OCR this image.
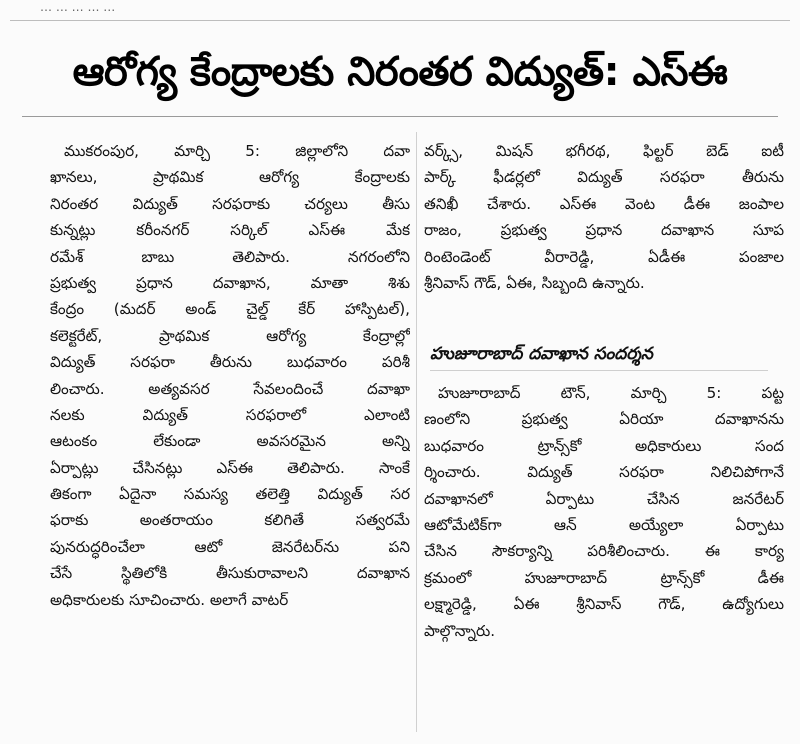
… … … … …
ఆరోగ్య కేంద్రాలకు నిరంతర విద్యుత్: ఎస్ఈ
ముకరంపుర, మార్చి 5: జిల్లాలోని దవా
ఖానలు, ప్రాథమిక ఆరోగ్య కేంద్రాలకు
నిరంతర విద్యుత్ సరఫరాకు చర్యలు తీసు
కున్నట్లు కరీంనగర్ సర్కిల్ ఎస్ఈ మేక
రమేశ్ బాబు తెలిపారు. నగరంలోని
ప్రభుత్వ ప్రధాన దవాఖాన, మాతా శిశు
కేంద్రం (మదర్ అండ్ చైల్డ్ కేర్ హాస్పిటల్),
కలెక్టరేట్, ప్రాథమిక ఆరోగ్య కేంద్రాల్లో
విద్యుత్ సరఫరా తీరును బుధవారం పరిశీ
లించారు. అత్యవసర సేవలందించే దవాఖా
నలకు విద్యుత్ సరఫరాలో ఎలాంటి
ఆటంకం లేకుండా అవసరమైన అన్ని
ఏర్పాట్లు చేసినట్లు ఎస్ఈ తెలిపారు. సాంకే
తికంగా ఏదైనా సమస్య తలెత్తి విద్యుత్ సర
ఫరాకు అంతరాయం కలిగితే సత్వరమే
పునరుద్ధరించేలా ఆటో జెనరేటర్‌ను పని
చేసే స్థితిలోకి తీసుకురావాలని దవాఖాన
అధికారులకు సూచించారు. అలాగే వాటర్
వర్క్స్, మిషన్ భగీరథ, ఫిల్టర్ బెడ్ ఐటీ
పార్క్ ఫీడర్లలో విద్యుత్ సరఫరా తీరును
తనిఖీ చేశారు. ఎస్ఈ వెంట డీఈ జంపాల
రాజం, ప్రభుత్వ ప్రధాన దవాఖాన సూప
రింటెండెంట్ వీరారెడ్డి, ఏడీఈ పంజాల
శ్రీనివాస్ గౌడ్, ఏఈ, సిబ్బంది ఉన్నారు.
హుజూరాబాద్ దవాఖాన సందర్శన
హుజూరాబాద్ టౌన్, మార్చి 5: పట్ట
ణంలోని ప్రభుత్వ ఏరియా దవాఖానను
బుధవారం ట్రాన్స్‌కో అధికారులు సంద
ర్శించారు. విద్యుత్ సరఫరా నిలిచిపోగానే
దవాఖానలో ఏర్పాటు చేసిన జనరేటర్
ఆటోమేటిక్‌గా ఆన్ అయ్యేలా ఏర్పాటు
చేసిన సౌకర్యాన్ని పరిశీలించారు. ఈ కార్య
క్రమంలో హుజూరాబాద్ ట్రాన్స్‌కో డీఈ
లక్ష్మారెడ్డి, ఏఈ శ్రీనివాస్ గౌడ్, ఉద్యోగులు
పాల్గొన్నారు.
